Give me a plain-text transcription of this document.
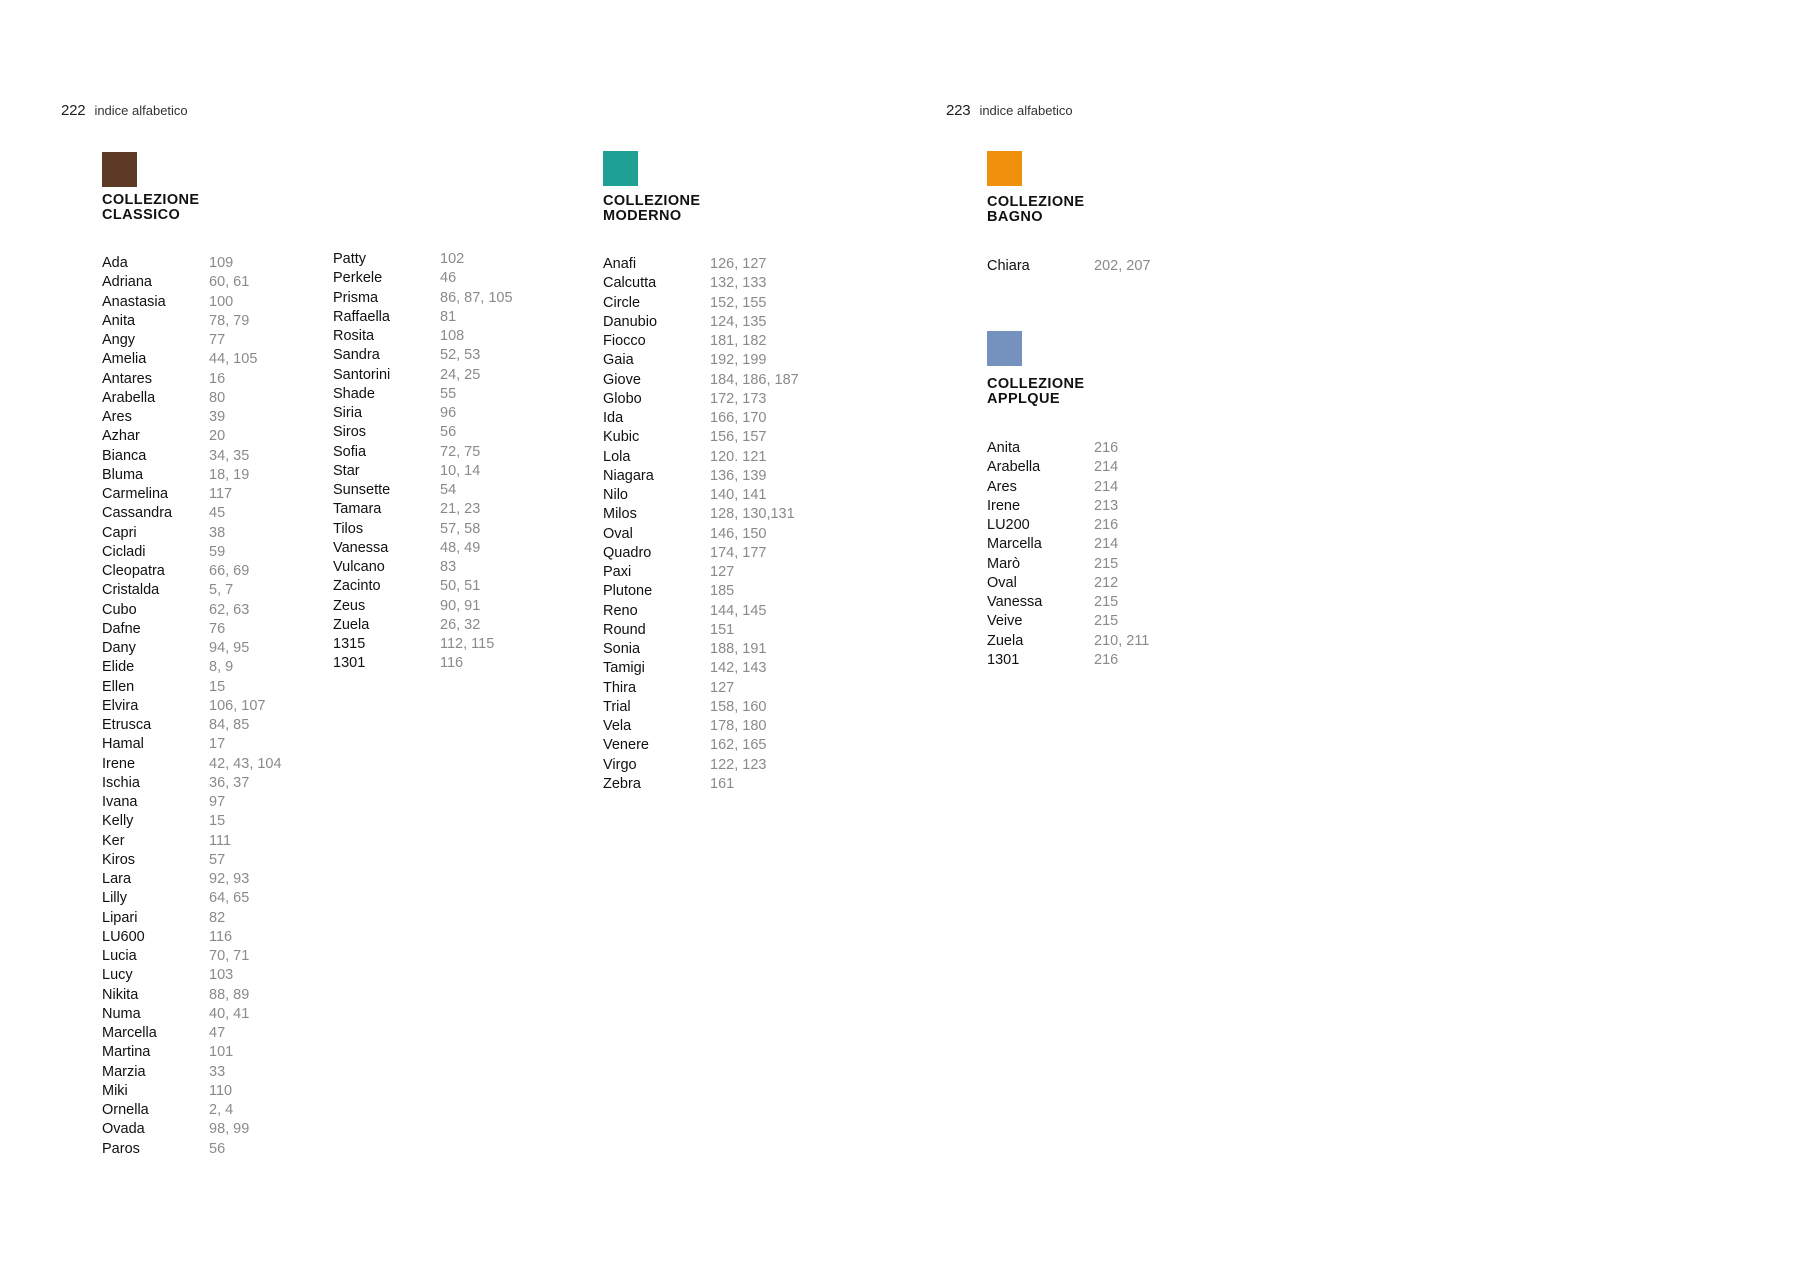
222 indice alfabetico	223 indice alfabetico
COLLEZIONE
CLASSICO
Ada	109
Adriana	60, 61
Anastasia	100
Anita	78, 79
Angy	77
Amelia	44, 105
Antares	16
Arabella	80
Ares	39
Azhar	20
Bianca	34, 35
Bluma	18, 19
Carmelina	117
Cassandra	45
Capri	38
Cicladi	59
Cleopatra	66, 69
Cristalda	5, 7
Cubo	62, 63
Dafne	76
Dany	94, 95
Elide	8, 9
Ellen	15
Elvira	106, 107
Etrusca	84, 85
Hamal	17
Irene	42, 43, 104
Ischia	36, 37
Ivana	97
Kelly	15
Ker	111
Kiros	57
Lara	92, 93
Lilly	64, 65
Lipari	82
LU600	116
Lucia	70, 71
Lucy	103
Nikita	88, 89
Numa	40, 41
Marcella	47
Martina	101
Marzia	33
Miki	110
Ornella	2, 4
Ovada	98, 99
Paros	56
Patty	102
Perkele	46
Prisma	86, 87, 105
Raffaella	81
Rosita	108
Sandra	52, 53
Santorini	24, 25
Shade	55
Siria	96
Siros	56
Sofia	72, 75
Star	10, 14
Sunsette	54
Tamara	21, 23
Tilos	57, 58
Vanessa	48, 49
Vulcano	83
Zacinto	50, 51
Zeus	90, 91
Zuela	26, 32
1315	112, 115
1301	116
COLLEZIONE
MODERNO
Anafi	126, 127
Calcutta	132, 133
Circle	152, 155
Danubio	124, 135
Fiocco	181, 182
Gaia	192, 199
Giove	184, 186, 187
Globo	172, 173
Ida	166, 170
Kubic	156, 157
Lola	120. 121
Niagara	136, 139
Nilo	140, 141
Milos	128, 130,131
Oval	146, 150
Quadro	174, 177
Paxi	127
Plutone	185
Reno	144, 145
Round	151
Sonia	188, 191
Tamigi	142, 143
Thira	127
Trial	158, 160
Vela	178, 180
Venere	162, 165
Virgo	122, 123
Zebra	161
COLLEZIONE
BAGNO
Chiara	202, 207
COLLEZIONE
APPLQUE
Anita	216
Arabella	214
Ares	214
Irene	213
LU200	216
Marcella	214
Marò	215
Oval	212
Vanessa	215
Veive	215
Zuela	210, 211
1301	216
